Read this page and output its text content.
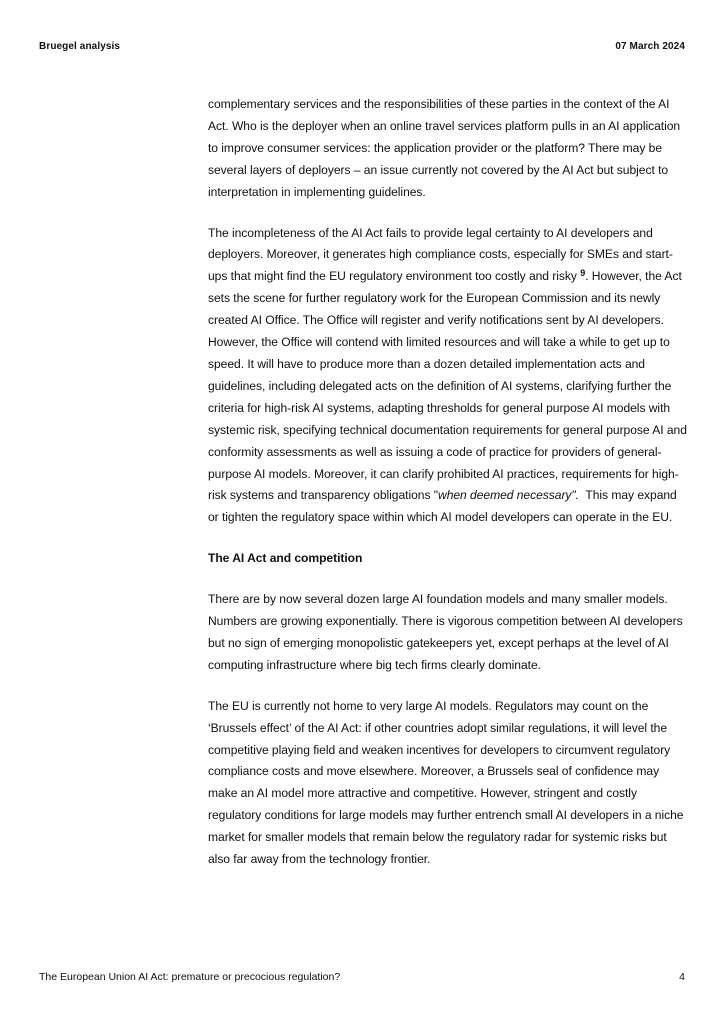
Bruegel analysis	07 March 2024

complementary services and the responsibilities of these parties in the context of the AI Act. Who is the deployer when an online travel services platform pulls in an AI application to improve consumer services: the application provider or the platform? There may be several layers of deployers – an issue currently not covered by the AI Act but subject to interpretation in implementing guidelines.

The incompleteness of the AI Act fails to provide legal certainty to AI developers and deployers. Moreover, it generates high compliance costs, especially for SMEs and start-ups that might find the EU regulatory environment too costly and risky $^9$. However, the Act sets the scene for further regulatory work for the European Commission and its newly created AI Office. The Office will register and verify notifications sent by AI developers. However, the Office will contend with limited resources and will take a while to get up to speed. It will have to produce more than a dozen detailed implementation acts and guidelines, including delegated acts on the definition of AI systems, clarifying further the criteria for high-risk AI systems, adapting thresholds for general purpose AI models with systemic risk, specifying technical documentation requirements for general purpose AI and conformity assessments as well as issuing a code of practice for providers of general-purpose AI models. Moreover, it can clarify prohibited AI practices, requirements for high-risk systems and transparency obligations "when deemed necessary".  This may expand or tighten the regulatory space within which AI model developers can operate in the EU.

The AI Act and competition

There are by now several dozen large AI foundation models and many smaller models. Numbers are growing exponentially. There is vigorous competition between AI developers but no sign of emerging monopolistic gatekeepers yet, except perhaps at the level of AI computing infrastructure where big tech firms clearly dominate.

The EU is currently not home to very large AI models. Regulators may count on the ‘Brussels effect’ of the AI Act: if other countries adopt similar regulations, it will level the competitive playing field and weaken incentives for developers to circumvent regulatory compliance costs and move elsewhere. Moreover, a Brussels seal of confidence may make an AI model more attractive and competitive. However, stringent and costly regulatory conditions for large models may further entrench small AI developers in a niche market for smaller models that remain below the regulatory radar for systemic risks but also far away from the technology frontier.

The European Union AI Act: premature or precocious regulation?	4
